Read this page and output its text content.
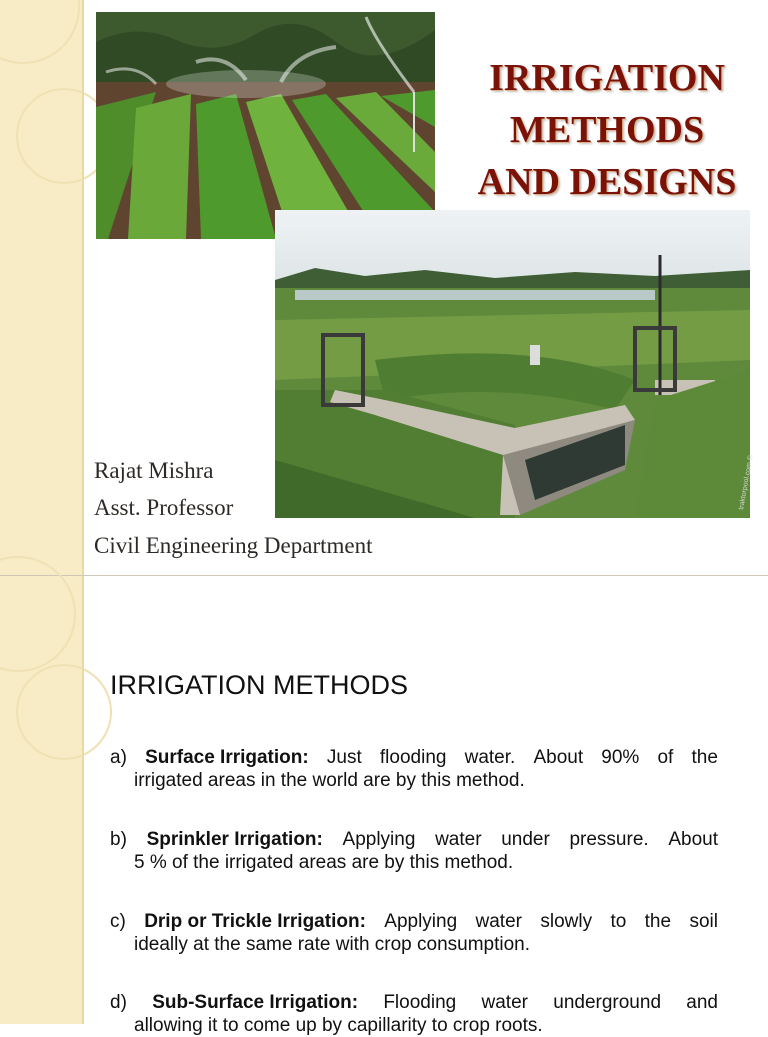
IRRIGATION
METHODS
AND DESIGNS
traktorpool.com ©
Rajat Mishra
Asst. Professor
Civil Engineering Department
IRRIGATION METHODS
a) Surface Irrigation: Just flooding water. About 90% of the
irrigated areas in the world are by this method.
b) Sprinkler Irrigation: Applying water under pressure. About
5 % of the irrigated areas are by this method.
c) Drip or Trickle Irrigation: Applying water slowly to the soil
ideally at the same rate with crop consumption.
d) Sub-Surface Irrigation: Flooding water underground and
allowing it to come up by capillarity to crop roots.
